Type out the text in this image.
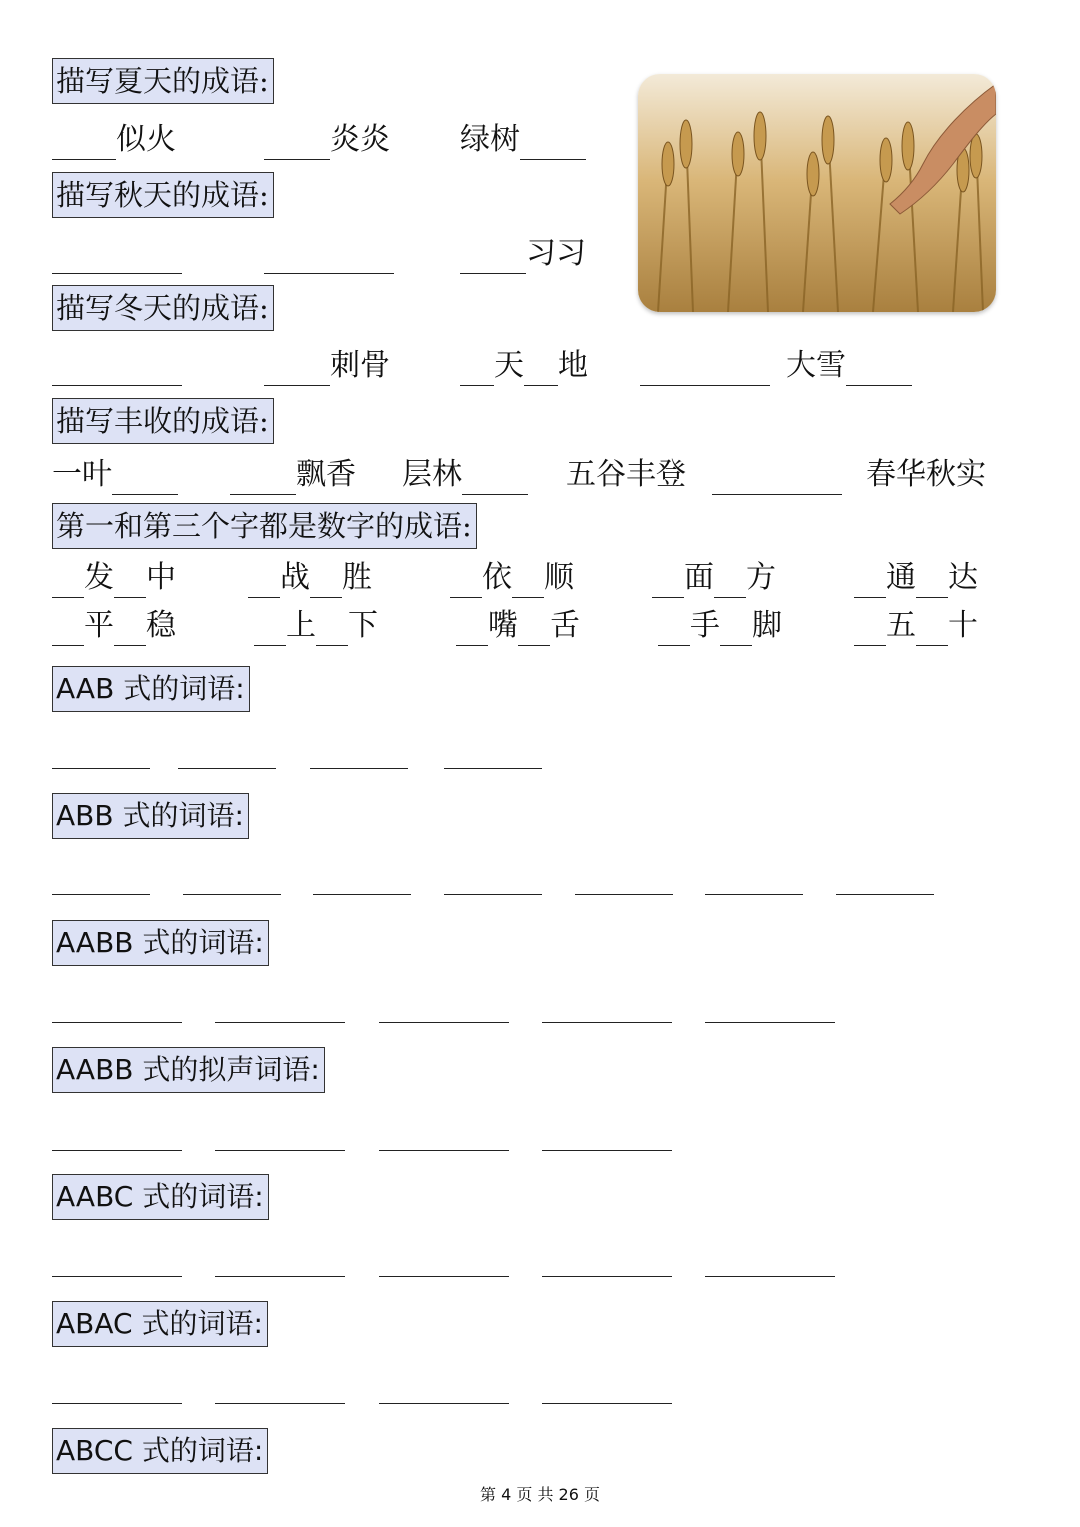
描写夏天的成语:
似火	炎炎 绿树
描写秋天的成语:
习习
描写冬天的成语:
刺骨	天 地	大雪
描写丰收的成语:
一叶	飘香 层林	五谷丰登	春华秋实
第一和第三个字都是数字的成语:
发 中	战 胜	依 顺	面 方	通 达
平 稳	上 下	嘴 舌	手 脚	五 十
AAB 式的词语:
ABB 式的词语:
AABB 式的词语:
AABB 式的拟声词语:
AABC 式的词语:
ABAC 式的词语:
ABCC 式的词语:
第 4 页 共 26 页
